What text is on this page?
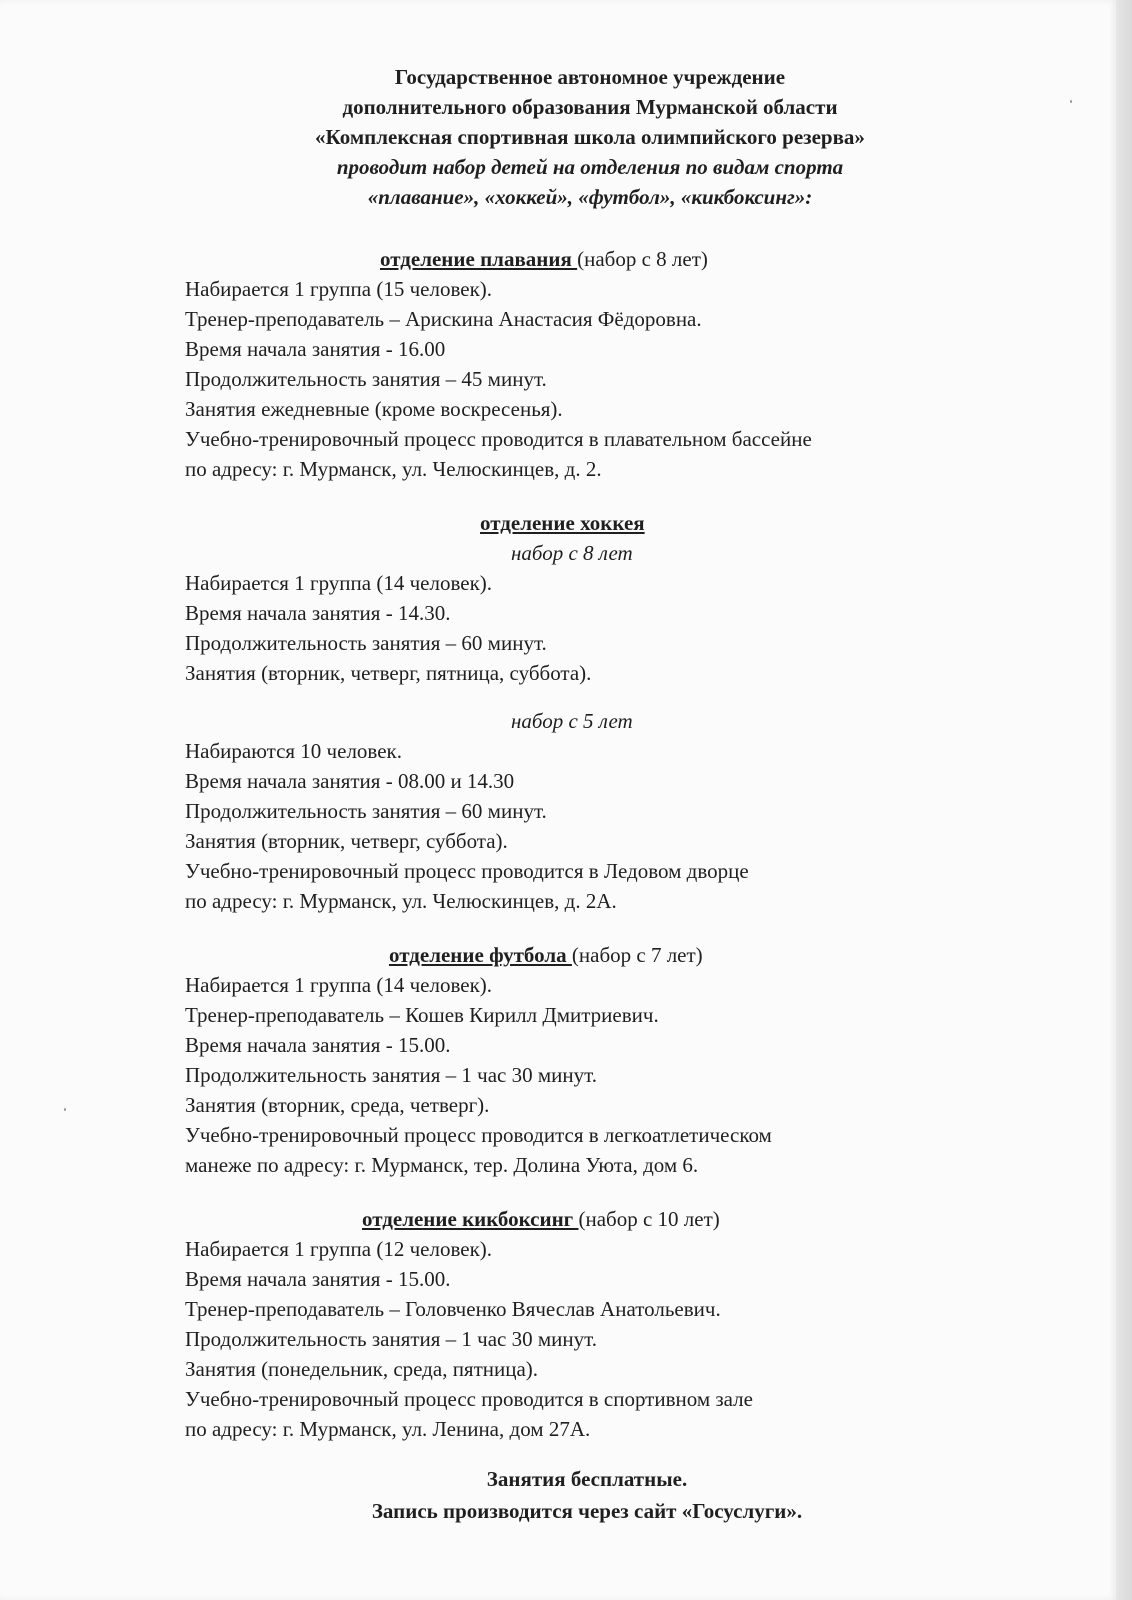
Государственное автономное учреждение
дополнительного образования Мурманской области
«Комплексная спортивная школа олимпийского резерва»
проводит набор детей на отделения по видам спорта
«плавание», «хоккей», «футбол», «кикбоксинг»:
отделение плавания (набор с 8 лет)
Набирается 1 группа (15 человек).
Тренер-преподаватель – Арискина Анастасия Фёдоровна.
Время начала занятия - 16.00
Продолжительность занятия – 45 минут.
Занятия ежедневные (кроме воскресенья).
Учебно-тренировочный процесс проводится в плавательном бассейне
по адресу: г. Мурманск, ул. Челюскинцев, д. 2.
отделение хоккея
набор с 8 лет
Набирается 1 группа (14 человек).
Время начала занятия - 14.30.
Продолжительность занятия – 60 минут.
Занятия (вторник, четверг, пятница, суббота).
набор с 5 лет
Набираются 10 человек.
Время начала занятия - 08.00 и 14.30
Продолжительность занятия – 60 минут.
Занятия (вторник, четверг, суббота).
Учебно-тренировочный процесс проводится в Ледовом дворце
по адресу: г. Мурманск, ул. Челюскинцев, д. 2А.
отделение футбола (набор с 7 лет)
Набирается 1 группа (14 человек).
Тренер-преподаватель – Кошев Кирилл Дмитриевич.
Время начала занятия - 15.00.
Продолжительность занятия – 1 час 30 минут.
Занятия (вторник, среда, четверг).
Учебно-тренировочный процесс проводится в легкоатлетическом
манеже по адресу: г. Мурманск, тер. Долина Уюта, дом 6.
отделение кикбоксинг (набор с 10 лет)
Набирается 1 группа (12 человек).
Время начала занятия - 15.00.
Тренер-преподаватель – Головченко Вячеслав Анатольевич.
Продолжительность занятия – 1 час 30 минут.
Занятия (понедельник, среда, пятница).
Учебно-тренировочный процесс проводится в спортивном зале
по адресу: г. Мурманск, ул. Ленина, дом 27А.
Занятия бесплатные.
Запись производится через сайт «Госуслуги».
